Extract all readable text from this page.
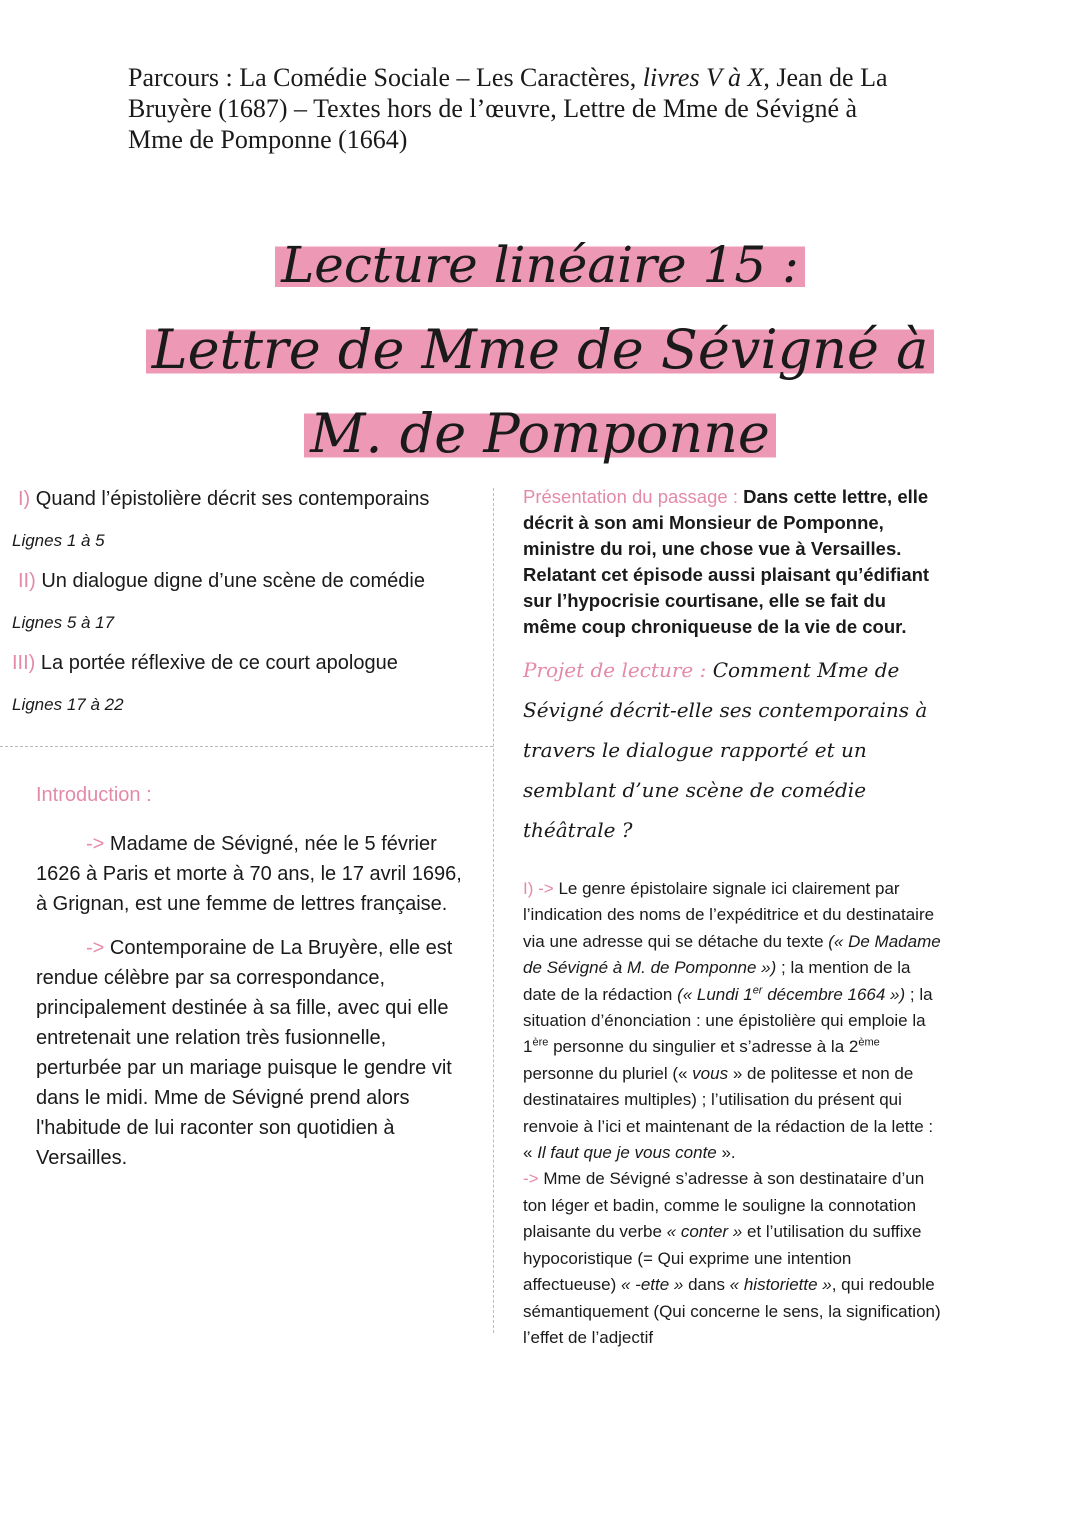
Parcours : La Comédie Sociale – Les Caractères, livres V à X, Jean de La

Bruyère (1687) – Textes hors de l’œuvre, Lettre de Mme de Sévigné à

Mme de Pomponne (1664)

Lecture linéaire 15 :
Lettre de Mme de Sévigné à
M. de Pomponne
I) Quand l’épistolière décrit ses contemporains
Lignes 1 à 5
II) Un dialogue digne d’une scène de comédie
Lignes 5 à 17
III) La portée réflexive de ce court apologue
Lignes 17 à 22
Introduction :

   -> Madame de Sévigné, née le 5 février 1626 à Paris et morte à 70 ans, le 17 avril 1696, à Grignan, est une femme de lettres française.

   -> Contemporaine de La Bruyère, elle est rendue célèbre par sa correspondance, principalement destinée à sa fille, avec qui elle entretenait une relation très fusionnelle, perturbée par un mariage puisque le gendre vit dans le midi. Mme de Sévigné prend alors l'habitude de lui raconter son quotidien à Versailles.

Présentation du passage : Dans cette lettre, elle décrit à son ami Monsieur de Pomponne, ministre du roi, une chose vue à Versailles. Relatant cet épisode aussi plaisant qu’édifiant sur l’hypocrisie courtisane, elle se fait du même coup chroniqueuse de la vie de cour.

Projet de lecture : Comment Mme de Sévigné décrit-elle ses contemporains à travers le dialogue rapporté et un semblant d’une scène de comédie théâtrale ?

I) -> Le genre épistolaire signale ici clairement par l’indication des noms de l’expéditrice et du destinataire via une adresse qui se détache du texte (« De Madame de Sévigné à M. de Pomponne ») ; la mention de la date de la rédaction (« Lundi 1er décembre 1664 ») ; la situation d’énonciation : une épistolière qui emploie la 1ère personne du singulier et s’adresse à la 2ème personne du pluriel (« vous » de politesse et non de destinataires multiples) ; l’utilisation du présent qui renvoie à l’ici et maintenant de la rédaction de la lette : « Il faut que je vous conte ».
-> Mme de Sévigné s’adresse à son destinataire d’un ton léger et badin, comme le souligne la connotation plaisante du verbe « conter » et l’utilisation du suffixe hypocoristique (= Qui exprime une intention affectueuse) « -ette » dans « historiette », qui redouble sémantiquement (Qui concerne le sens, la signification) l’effet de l’adjectif
